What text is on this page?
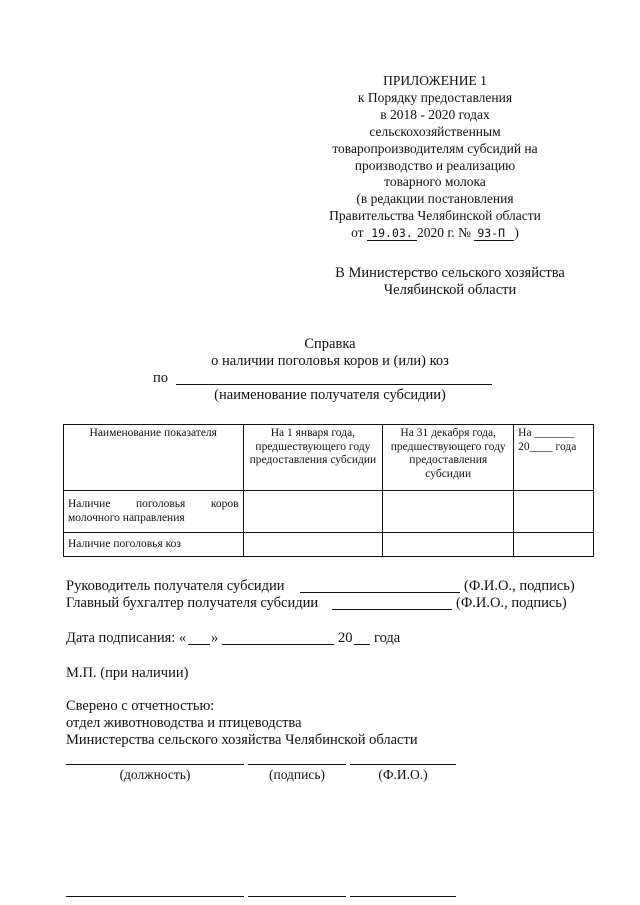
ПРИЛОЖЕНИЕ 1
к Порядку предоставления
в 2018 - 2020 годах
сельскохозяйственным
товаропроизводителям субсидий на
производство и реализацию
товарного молока
(в редакции постановления
Правительства Челябинской области
от 19.03. 2020 г. № 93-П )
В Министерство сельского хозяйства
Челябинской области
Справка
о наличии поголовья коров и (или) коз
по
(наименование получателя субсидии)
Наименование показателя	На 1 января года, предшествующего году предоставления субсидии	На 31 декабря года, предшествующего году предоставления субсидии	На _______ 20____ года
Наличие поголовья коров молочного направления			
Наличие поголовья коз			
Руководитель получателя субсидии	(Ф.И.О., подпись)
Главный бухгалтер получателя субсидии	(Ф.И.О., подпись)
Дата подписания: « »	20 года
М.П. (при наличии)
Сверено с отчетностью:
отдел животноводства и птицеводства
Министерства сельского хозяйства Челябинской области
(должность)	(подпись)	(Ф.И.О.)
